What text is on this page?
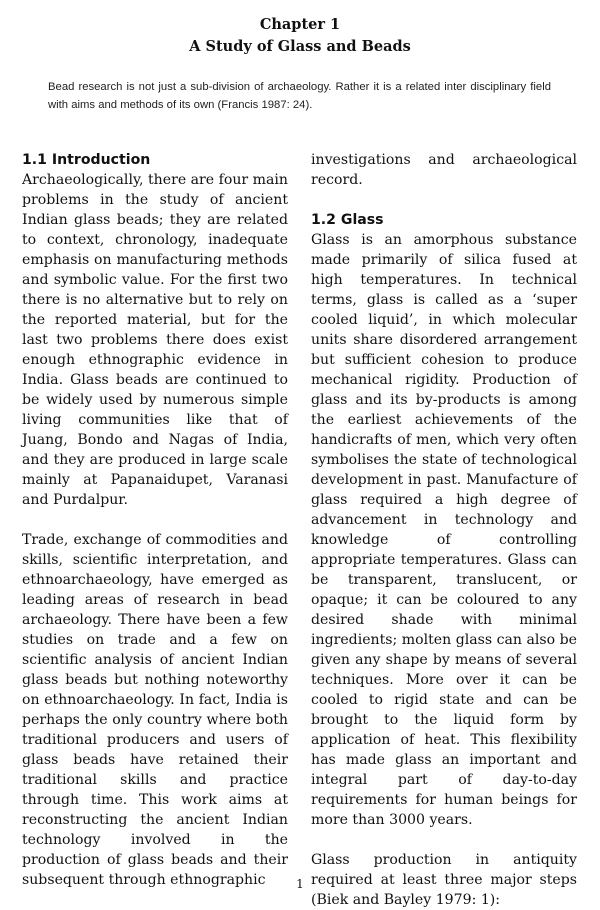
Chapter 1
A Study of Glass and Beads
Bead research is not just a sub-division of archaeology. Rather it is a related inter disciplinary field with aims and methods of its own (Francis 1987: 24).
1.1 Introduction

Archaeologically, there are four main problems in the study of ancient Indian glass beads; they are related to context, chronology, inadequate emphasis on manufacturing methods and symbolic value. For the first two there is no alternative but to rely on the reported material, but for the last two problems there does exist enough ethnographic evidence in India. Glass beads are continued to be widely used by numerous simple living communities like that of Juang, Bondo and Nagas of India, and they are produced in large scale mainly at Papanaidupet, Varanasi and Purdalpur.

Trade, exchange of commodities and skills, scientific interpretation, and ethnoarchaeology, have emerged as leading areas of research in bead archaeology. There have been a few studies on trade and a few on scientific analysis of ancient Indian glass beads but nothing noteworthy on ethnoarchaeology. In fact, India is perhaps the only country where both traditional producers and users of glass beads have retained their traditional skills and practice through time. This work aims at reconstructing the ancient Indian technology involved in the production of glass beads and their subsequent through ethnographic

investigations and archaeological record.

1.2 Glass

Glass is an amorphous substance made primarily of silica fused at high temperatures. In technical terms, glass is called as a ‘super cooled liquid’, in which molecular units share disordered arrangement but sufficient cohesion to produce mechanical rigidity. Production of glass and its by-products is among the earliest achievements of the handicrafts of men, which very often symbolises the state of technological development in past. Manufacture of glass required a high degree of advancement in technology and knowledge of controlling appropriate temperatures. Glass can be transparent, translucent, or opaque; it can be coloured to any desired shade with minimal ingredients; molten glass can also be given any shape by means of several techniques. More over it can be cooled to rigid state and can be brought to the liquid form by application of heat. This flexibility has made glass an important and integral part of day-to-day requirements for human beings for more than 3000 years.

Glass production in antiquity required at least three major steps (Biek and Bayley 1979: 1):

1
